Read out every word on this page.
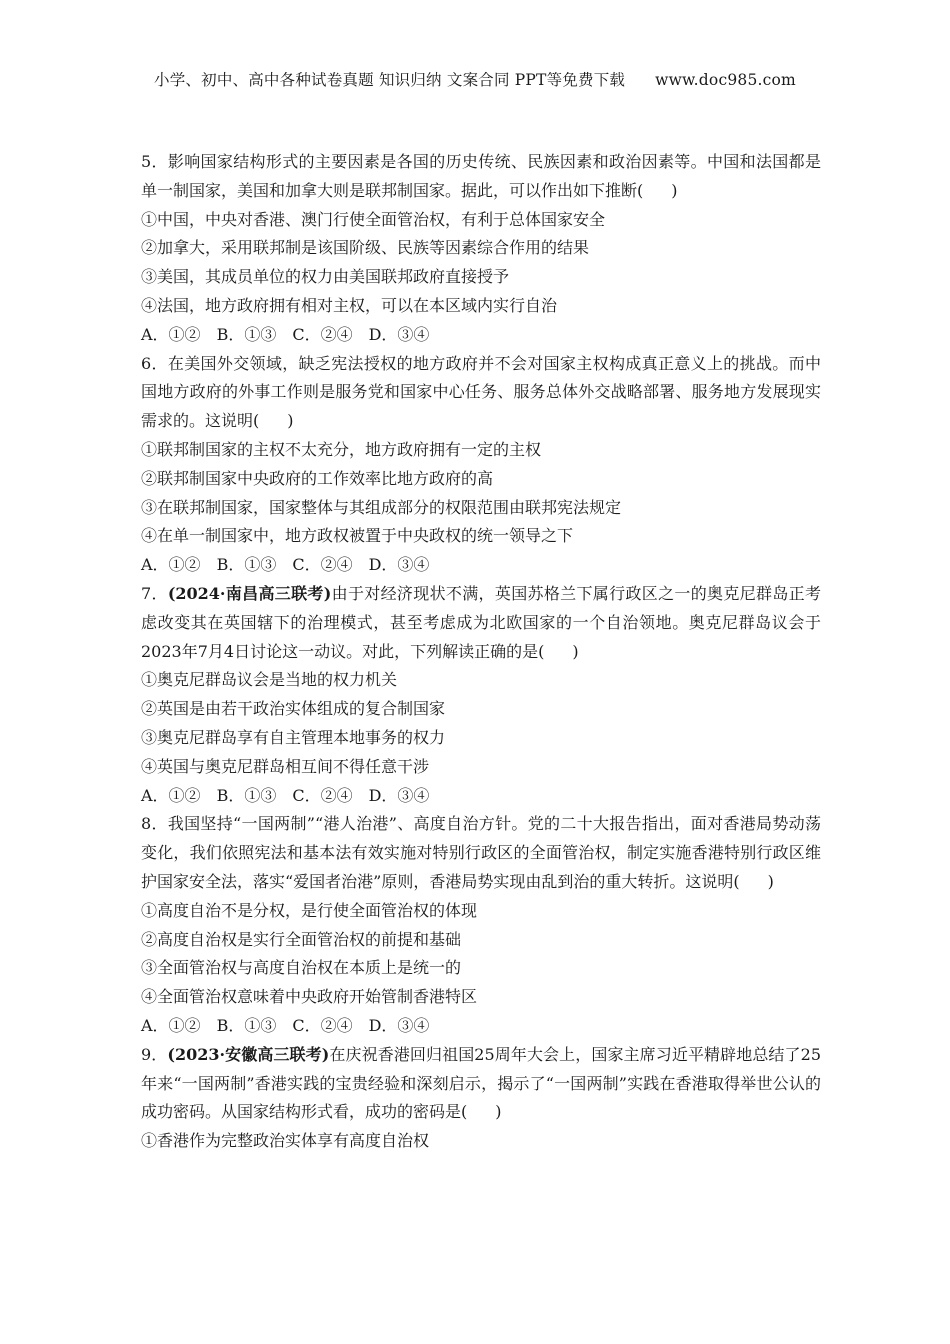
小学、初中、高中各种试卷真题 知识归纳 文案合同 PPT等免费下载 www.doc985.com

5．影响国家结构形式的主要因素是各国的历史传统、民族因素和政治因素等。中国和法国都是单一制国家，美国和加拿大则是联邦制国家。据此，可以作出如下推断( )

①中国，中央对香港、澳门行使全面管治权，有利于总体国家安全

②加拿大，采用联邦制是该国阶级、民族等因素综合作用的结果

③美国，其成员单位的权力由美国联邦政府直接授予

④法国，地方政府拥有相对主权，可以在本区域内实行自治

A．①② B．①③ C．②④ D．③④

6．在美国外交领域，缺乏宪法授权的地方政府并不会对国家主权构成真正意义上的挑战。而中国地方政府的外事工作则是服务党和国家中心任务、服务总体外交战略部署、服务地方发展现实需求的。这说明( )

①联邦制国家的主权不太充分，地方政府拥有一定的主权

②联邦制国家中央政府的工作效率比地方政府的高

③在联邦制国家，国家整体与其组成部分的权限范围由联邦宪法规定

④在单一制国家中，地方政权被置于中央政权的统一领导之下

A．①② B．①③ C．②④ D．③④

7．(2024·南昌高三联考)由于对经济现状不满，英国苏格兰下属行政区之一的奥克尼群岛正考虑改变其在英国辖下的治理模式，甚至考虑成为北欧国家的一个自治领地。奥克尼群岛议会于2023年7月4日讨论这一动议。对此，下列解读正确的是( )

①奥克尼群岛议会是当地的权力机关

②英国是由若干政治实体组成的复合制国家

③奥克尼群岛享有自主管理本地事务的权力

④英国与奥克尼群岛相互间不得任意干涉

A．①② B．①③ C．②④ D．③④

8．我国坚持“一国两制”“港人治港”、高度自治方针。党的二十大报告指出，面对香港局势动荡变化，我们依照宪法和基本法有效实施对特别行政区的全面管治权，制定实施香港特别行政区维护国家安全法，落实“爱国者治港”原则，香港局势实现由乱到治的重大转折。这说明( )

①高度自治不是分权，是行使全面管治权的体现

②高度自治权是实行全面管治权的前提和基础

③全面管治权与高度自治权在本质上是统一的

④全面管治权意味着中央政府开始管制香港特区

A．①② B．①③ C．②④ D．③④

9．(2023·安徽高三联考)在庆祝香港回归祖国25周年大会上，国家主席习近平精辟地总结了25年来“一国两制”香港实践的宝贵经验和深刻启示，揭示了“一国两制”实践在香港取得举世公认的成功密码。从国家结构形式看，成功的密码是( )

①香港作为完整政治实体享有高度自治权
